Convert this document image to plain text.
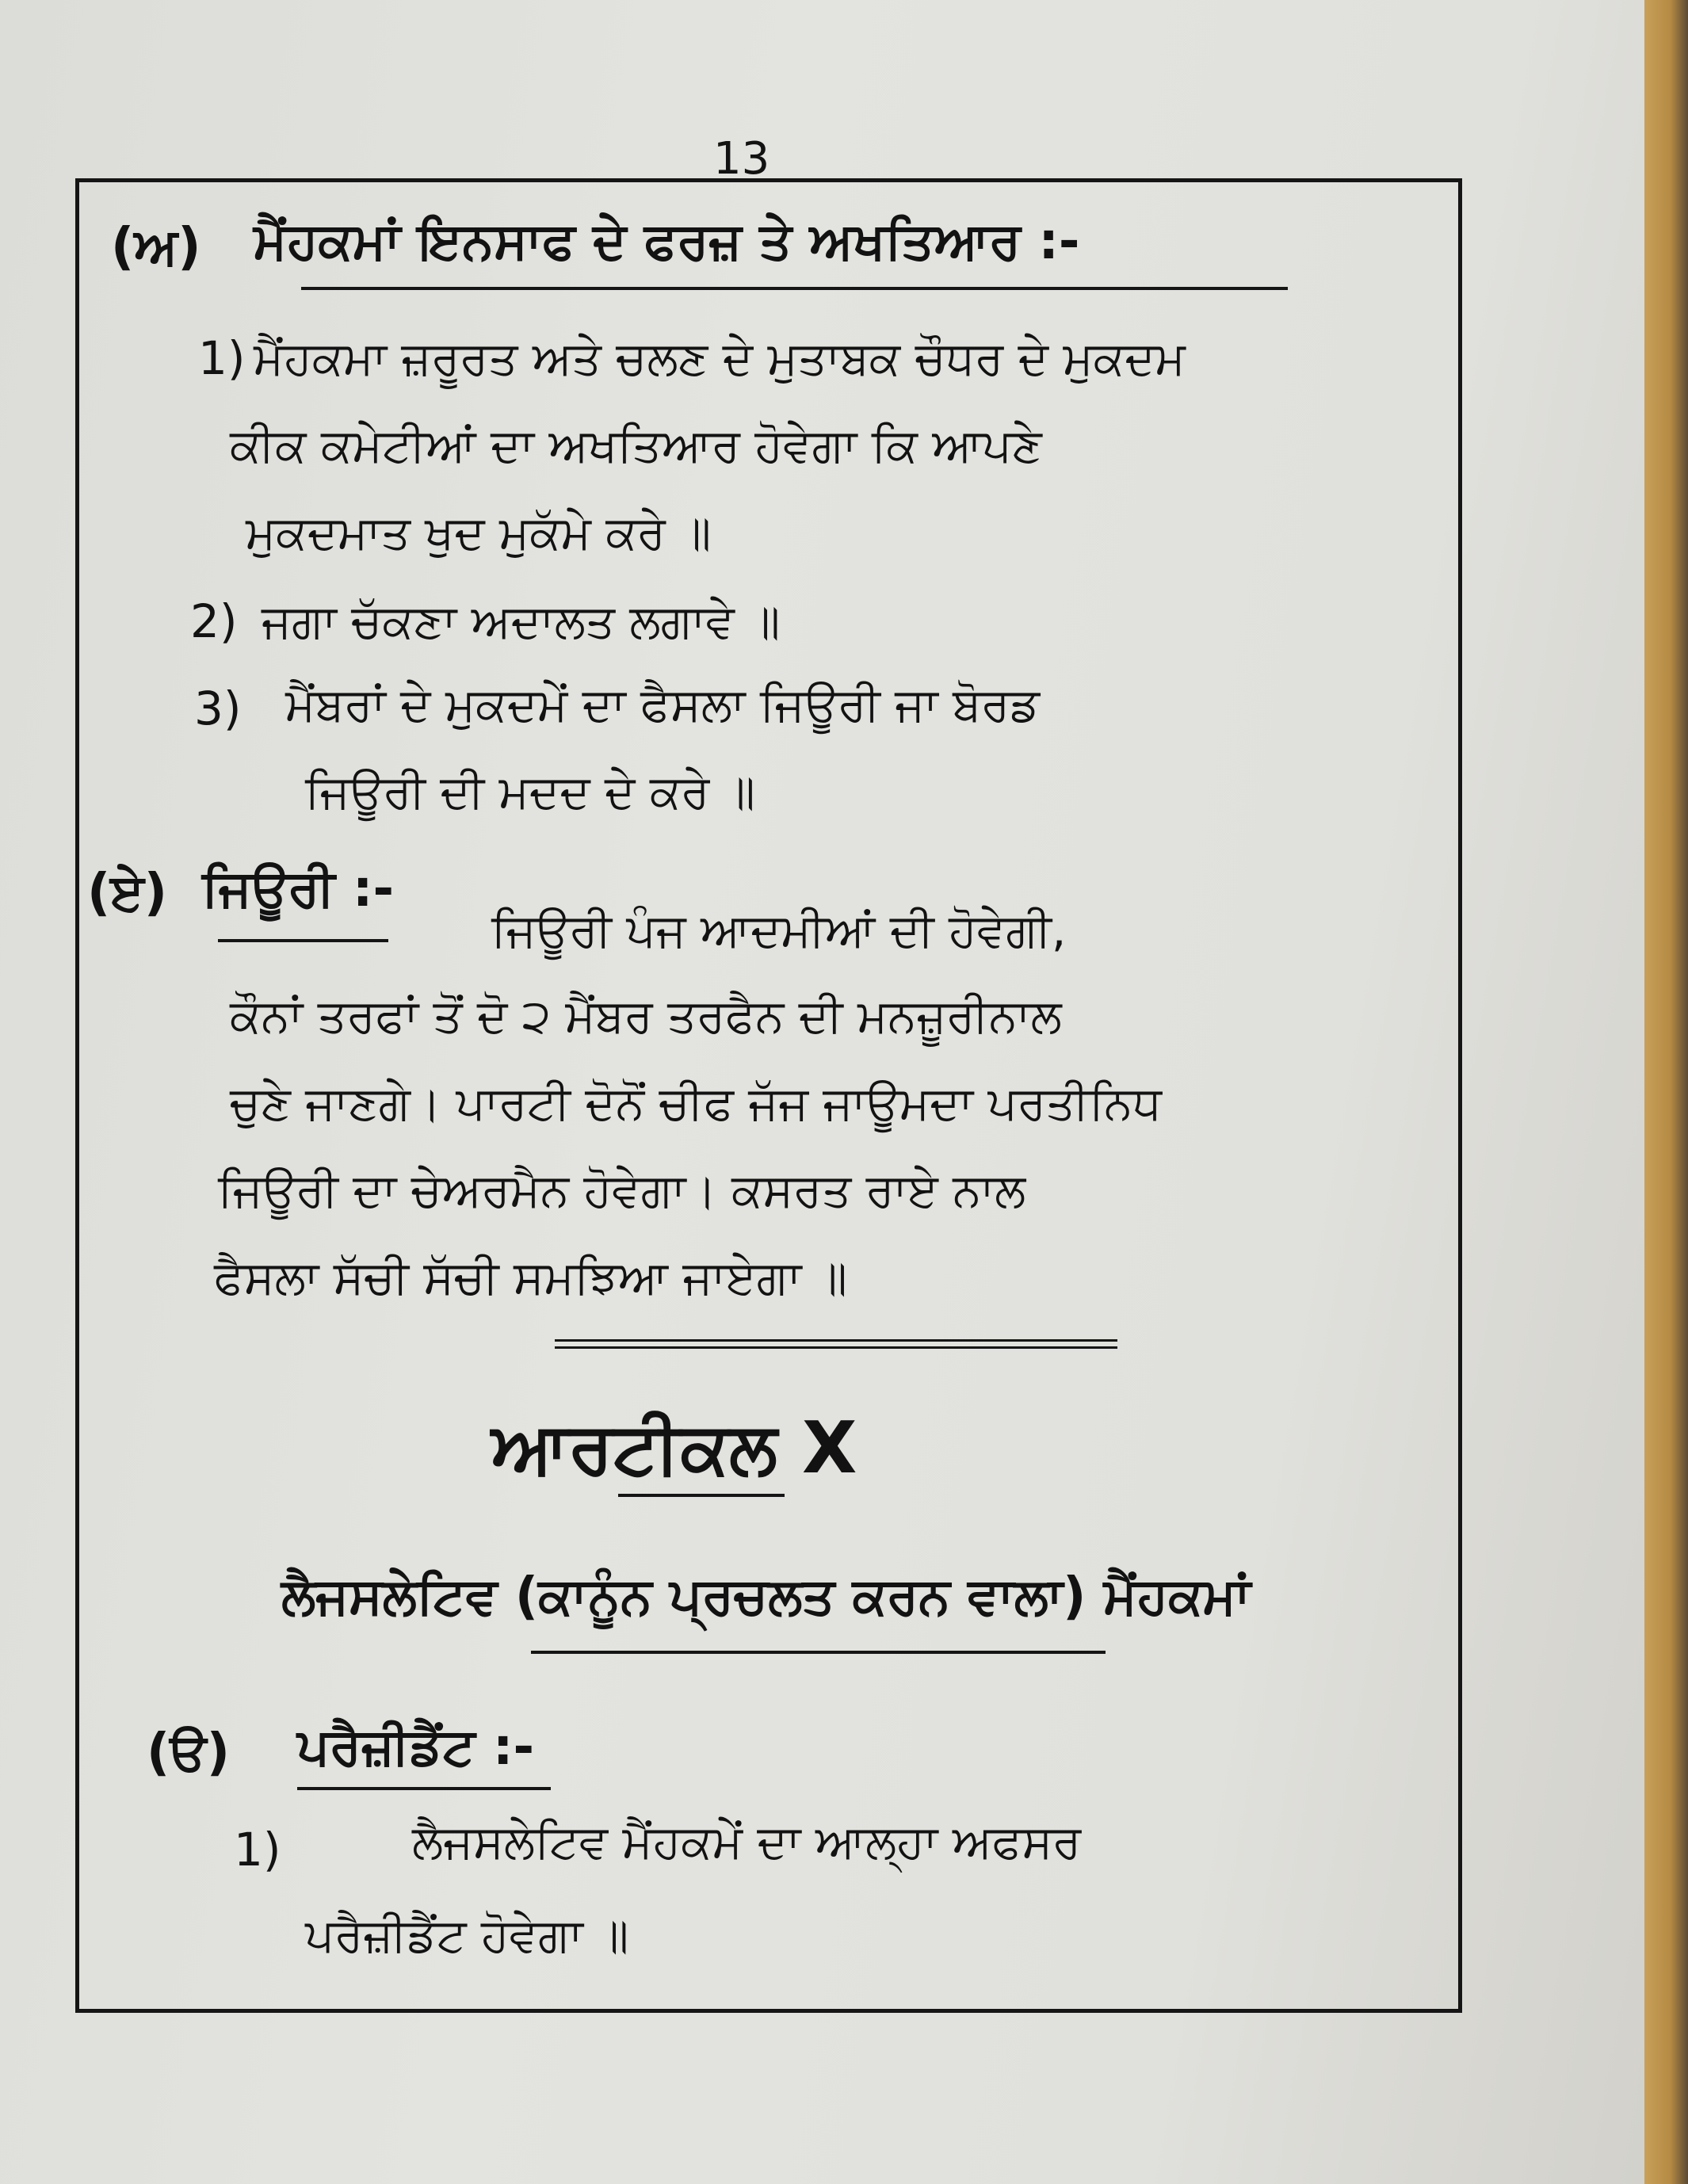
13
(ਅ) ਮੈਂਹਕਮਾਂ ਇਨਸਾਫ ਦੇ ਫਰਜ਼ ਤੇ ਅਖਤਿਆਰ :-
1) ਮੈਂਹਕਮਾ ਜ਼ਰੂਰਤ ਅਤੇ ਚਲਣ ਦੇ ਮੁਤਾਬਕ ਚੌਧਰ ਦੇ ਮੁਕਦਮ
ਕੀਕ ਕਮੇਟੀਆਂ ਦਾ ਅਖਤਿਆਰ ਹੋਵੇਗਾ ਕਿ ਆਪਣੇ
ਮੁਕਦਮਾਤ ਖੁਦ ਮੁਕੱਮੇ ਕਰੇ ॥
2) ਜਗਾ ਚੱਕਣਾ ਅਦਾਲਤ ਲਗਾਵੇ ॥
3) ਮੈਂਬਰਾਂ ਦੇ ਮੁਕਦਮੇਂ ਦਾ ਫੈਸਲਾ ਜਿਊਰੀ ਜਾ ਬੋਰਡ
ਜਿਊਰੀ ਦੀ ਮਦਦ ਦੇ ਕਰੇ ॥
(ਏ) ਜਿਊਰੀ :-
ਜਿਊਰੀ ਪੰਜ ਆਦਮੀਆਂ ਦੀ ਹੋਵੇਗੀ,
ਕੌਨਾਂ ਤਰਫਾਂ ਤੋਂ ਦੋ ੨ ਮੈਂਬਰ ਤਰਫੈਨ ਦੀ ਮਨਜ਼ੂਰੀਨਾਲ
ਚੁਣੇ ਜਾਣਗੇ। ਪਾਰਟੀ ਦੋਨੋਂ ਚੀਫ ਜੱਜ ਜਾਊਮਦਾ ਪਰਤੀਨਿਧ
ਜਿਊਰੀ ਦਾ ਚੇਅਰਮੈਨ ਹੋਵੇਗਾ। ਕਸਰਤ ਰਾਏ ਨਾਲ
ਫੈਸਲਾ ਸੱਚੀ ਸੱਚੀ ਸਮਝਿਆ ਜਾਏਗਾ ॥
ਆਰਟੀਕਲ X
ਲੈਜਸਲੇਟਿਵ (ਕਾਨੂੰਨ ਪ੍ਰਚਲਤ ਕਰਨ ਵਾਲਾ) ਮੈਂਹਕਮਾਂ
(ੳ) ਪਰੈਜ਼ੀਡੈਂਟ :-
1)	ਲੈਜਸਲੇਟਿਵ ਮੈਂਹਕਮੇਂ ਦਾ ਆਲ੍ਹਾ ਅਫਸਰ
ਪਰੈਜ਼ੀਡੈਂਟ ਹੋਵੇਗਾ ॥
